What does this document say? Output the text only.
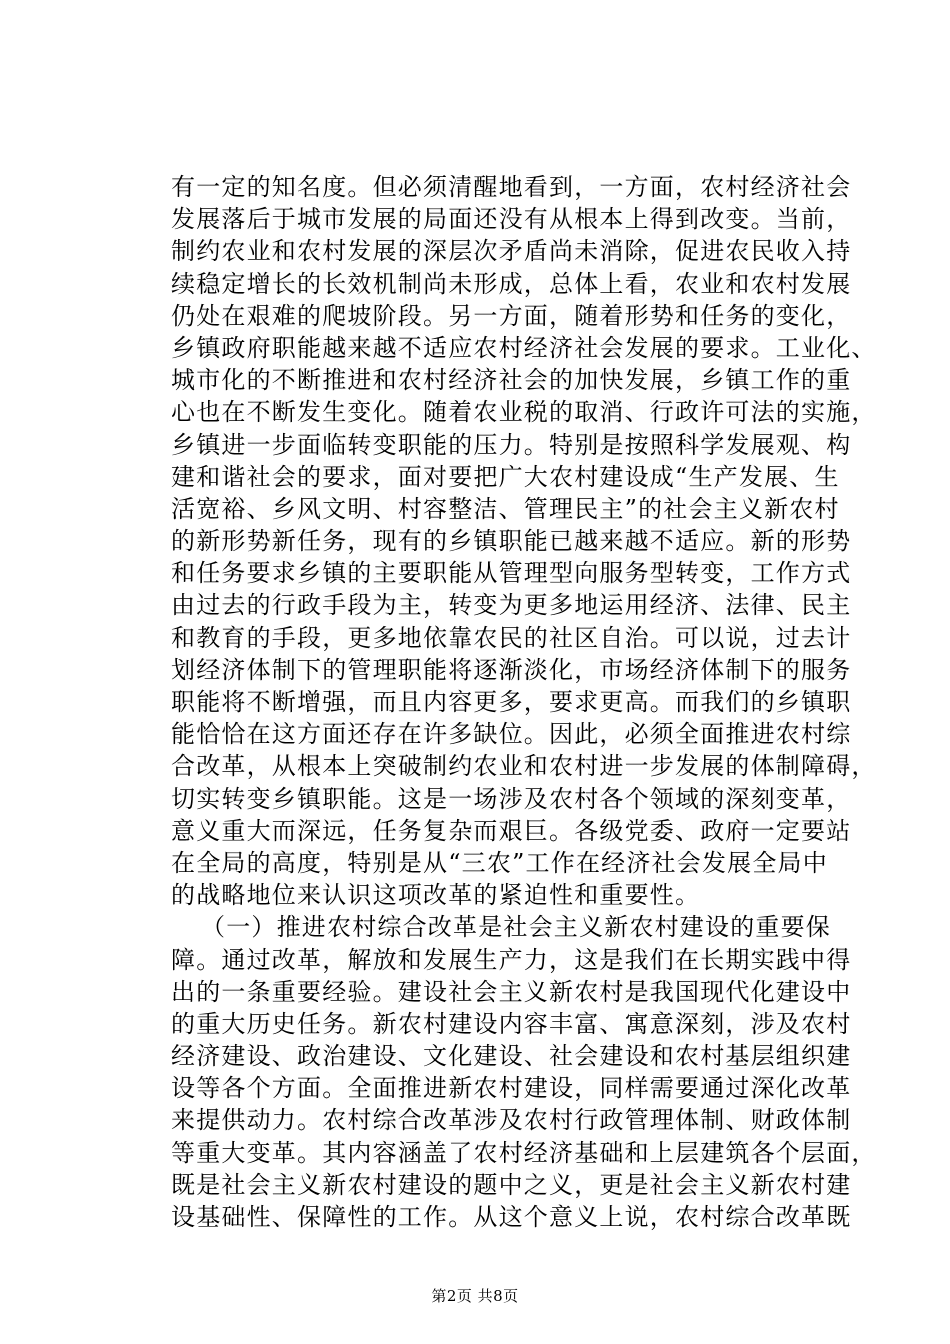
有一定的知名度。但必须清醒地看到，一方面，农村经济社会
发展落后于城市发展的局面还没有从根本上得到改变。当前，
制约农业和农村发展的深层次矛盾尚未消除，促进农民收入持
续稳定增长的长效机制尚未形成，总体上看，农业和农村发展
仍处在艰难的爬坡阶段。另一方面，随着形势和任务的变化，
乡镇政府职能越来越不适应农村经济社会发展的要求。工业化、
城市化的不断推进和农村经济社会的加快发展，乡镇工作的重
心也在不断发生变化。随着农业税的取消、行政许可法的实施，
乡镇进一步面临转变职能的压力。特别是按照科学发展观、构
建和谐社会的要求，面对要把广大农村建设成“生产发展、生
活宽裕、乡风文明、村容整洁、管理民主”的社会主义新农村
的新形势新任务，现有的乡镇职能已越来越不适应。新的形势
和任务要求乡镇的主要职能从管理型向服务型转变，工作方式
由过去的行政手段为主，转变为更多地运用经济、法律、民主
和教育的手段，更多地依靠农民的社区自治。可以说，过去计
划经济体制下的管理职能将逐渐淡化，市场经济体制下的服务
职能将不断增强，而且内容更多，要求更高。而我们的乡镇职
能恰恰在这方面还存在许多缺位。因此，必须全面推进农村综
合改革，从根本上突破制约农业和农村进一步发展的体制障碍，
切实转变乡镇职能。这是一场涉及农村各个领域的深刻变革，
意义重大而深远，任务复杂而艰巨。各级党委、政府一定要站
在全局的高度，特别是从“三农”工作在经济社会发展全局中
的战略地位来认识这项改革的紧迫性和重要性。
（一）推进农村综合改革是社会主义新农村建设的重要保
障。通过改革，解放和发展生产力，这是我们在长期实践中得
出的一条重要经验。建设社会主义新农村是我国现代化建设中
的重大历史任务。新农村建设内容丰富、寓意深刻，涉及农村
经济建设、政治建设、文化建设、社会建设和农村基层组织建
设等各个方面。全面推进新农村建设，同样需要通过深化改革
来提供动力。农村综合改革涉及农村行政管理体制、财政体制
等重大变革。其内容涵盖了农村经济基础和上层建筑各个层面，
既是社会主义新农村建设的题中之义，更是社会主义新农村建
设基础性、保障性的工作。从这个意义上说，农村综合改革既
第2页 共8页
